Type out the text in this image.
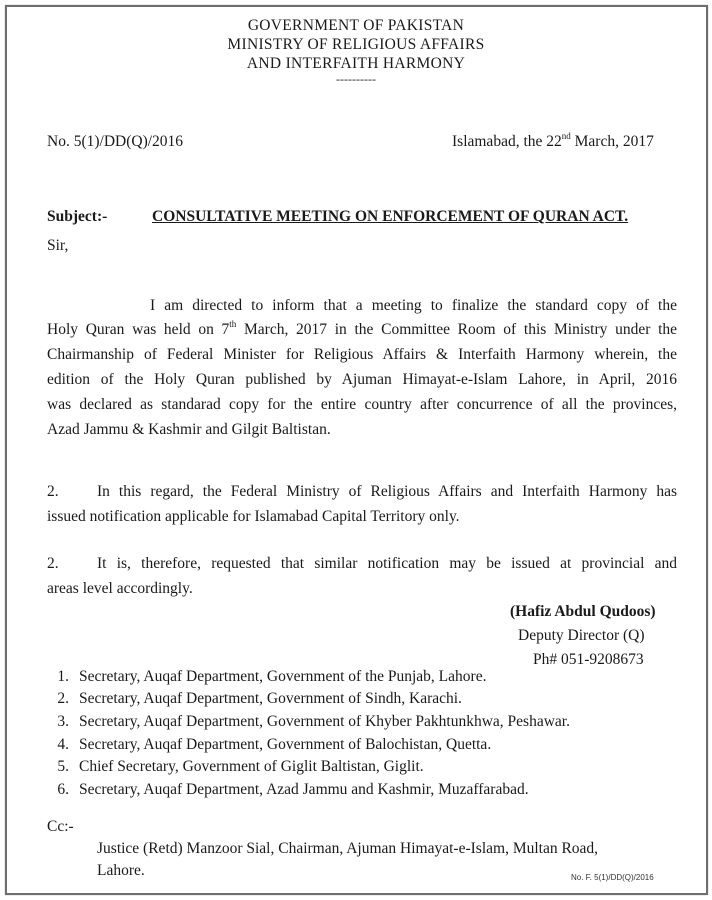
GOVERNMENT OF PAKISTAN
MINISTRY OF RELIGIOUS AFFAIRS
AND INTERFAITH HARMONY
----------
No. 5(1)/DD(Q)/2016	Islamabad, the 22nd March, 2017
Subject:-	CONSULTATIVE MEETING ON ENFORCEMENT OF QURAN ACT.
Sir,
I am directed to inform that a meeting to finalize the standard copy of the
Holy Quran was held on 7th March, 2017 in the Committee Room of this Ministry under the
Chairmanship of Federal Minister for Religious Affairs & Interfaith Harmony wherein, the
edition of the Holy Quran published by Ajuman Himayat-e-Islam Lahore, in April, 2016
was declared as standarad copy for the entire country after concurrence of all the provinces,
Azad Jammu & Kashmir and Gilgit Baltistan.
2. In this regard, the Federal Ministry of Religious Affairs and Interfaith Harmony has
issued notification applicable for Islamabad Capital Territory only.
2. It is, therefore, requested that similar notification may be issued at provincial and
areas level accordingly.
(Hafiz Abdul Qudoos)
Deputy Director (Q)
Ph# 051-9208673
1. Secretary, Auqaf Department, Government of the Punjab, Lahore.
2. Secretary, Auqaf Department, Government of Sindh, Karachi.
3. Secretary, Auqaf Department, Government of Khyber Pakhtunkhwa, Peshawar.
4. Secretary, Auqaf Department, Government of Balochistan, Quetta.
5. Chief Secretary, Government of Giglit Baltistan, Giglit.
6. Secretary, Auqaf Department, Azad Jammu and Kashmir, Muzaffarabad.
Cc:-
Justice (Retd) Manzoor Sial, Chairman, Ajuman Himayat-e-Islam, Multan Road,
Lahore.	No. F. 5(1)/DD(Q)/2016
